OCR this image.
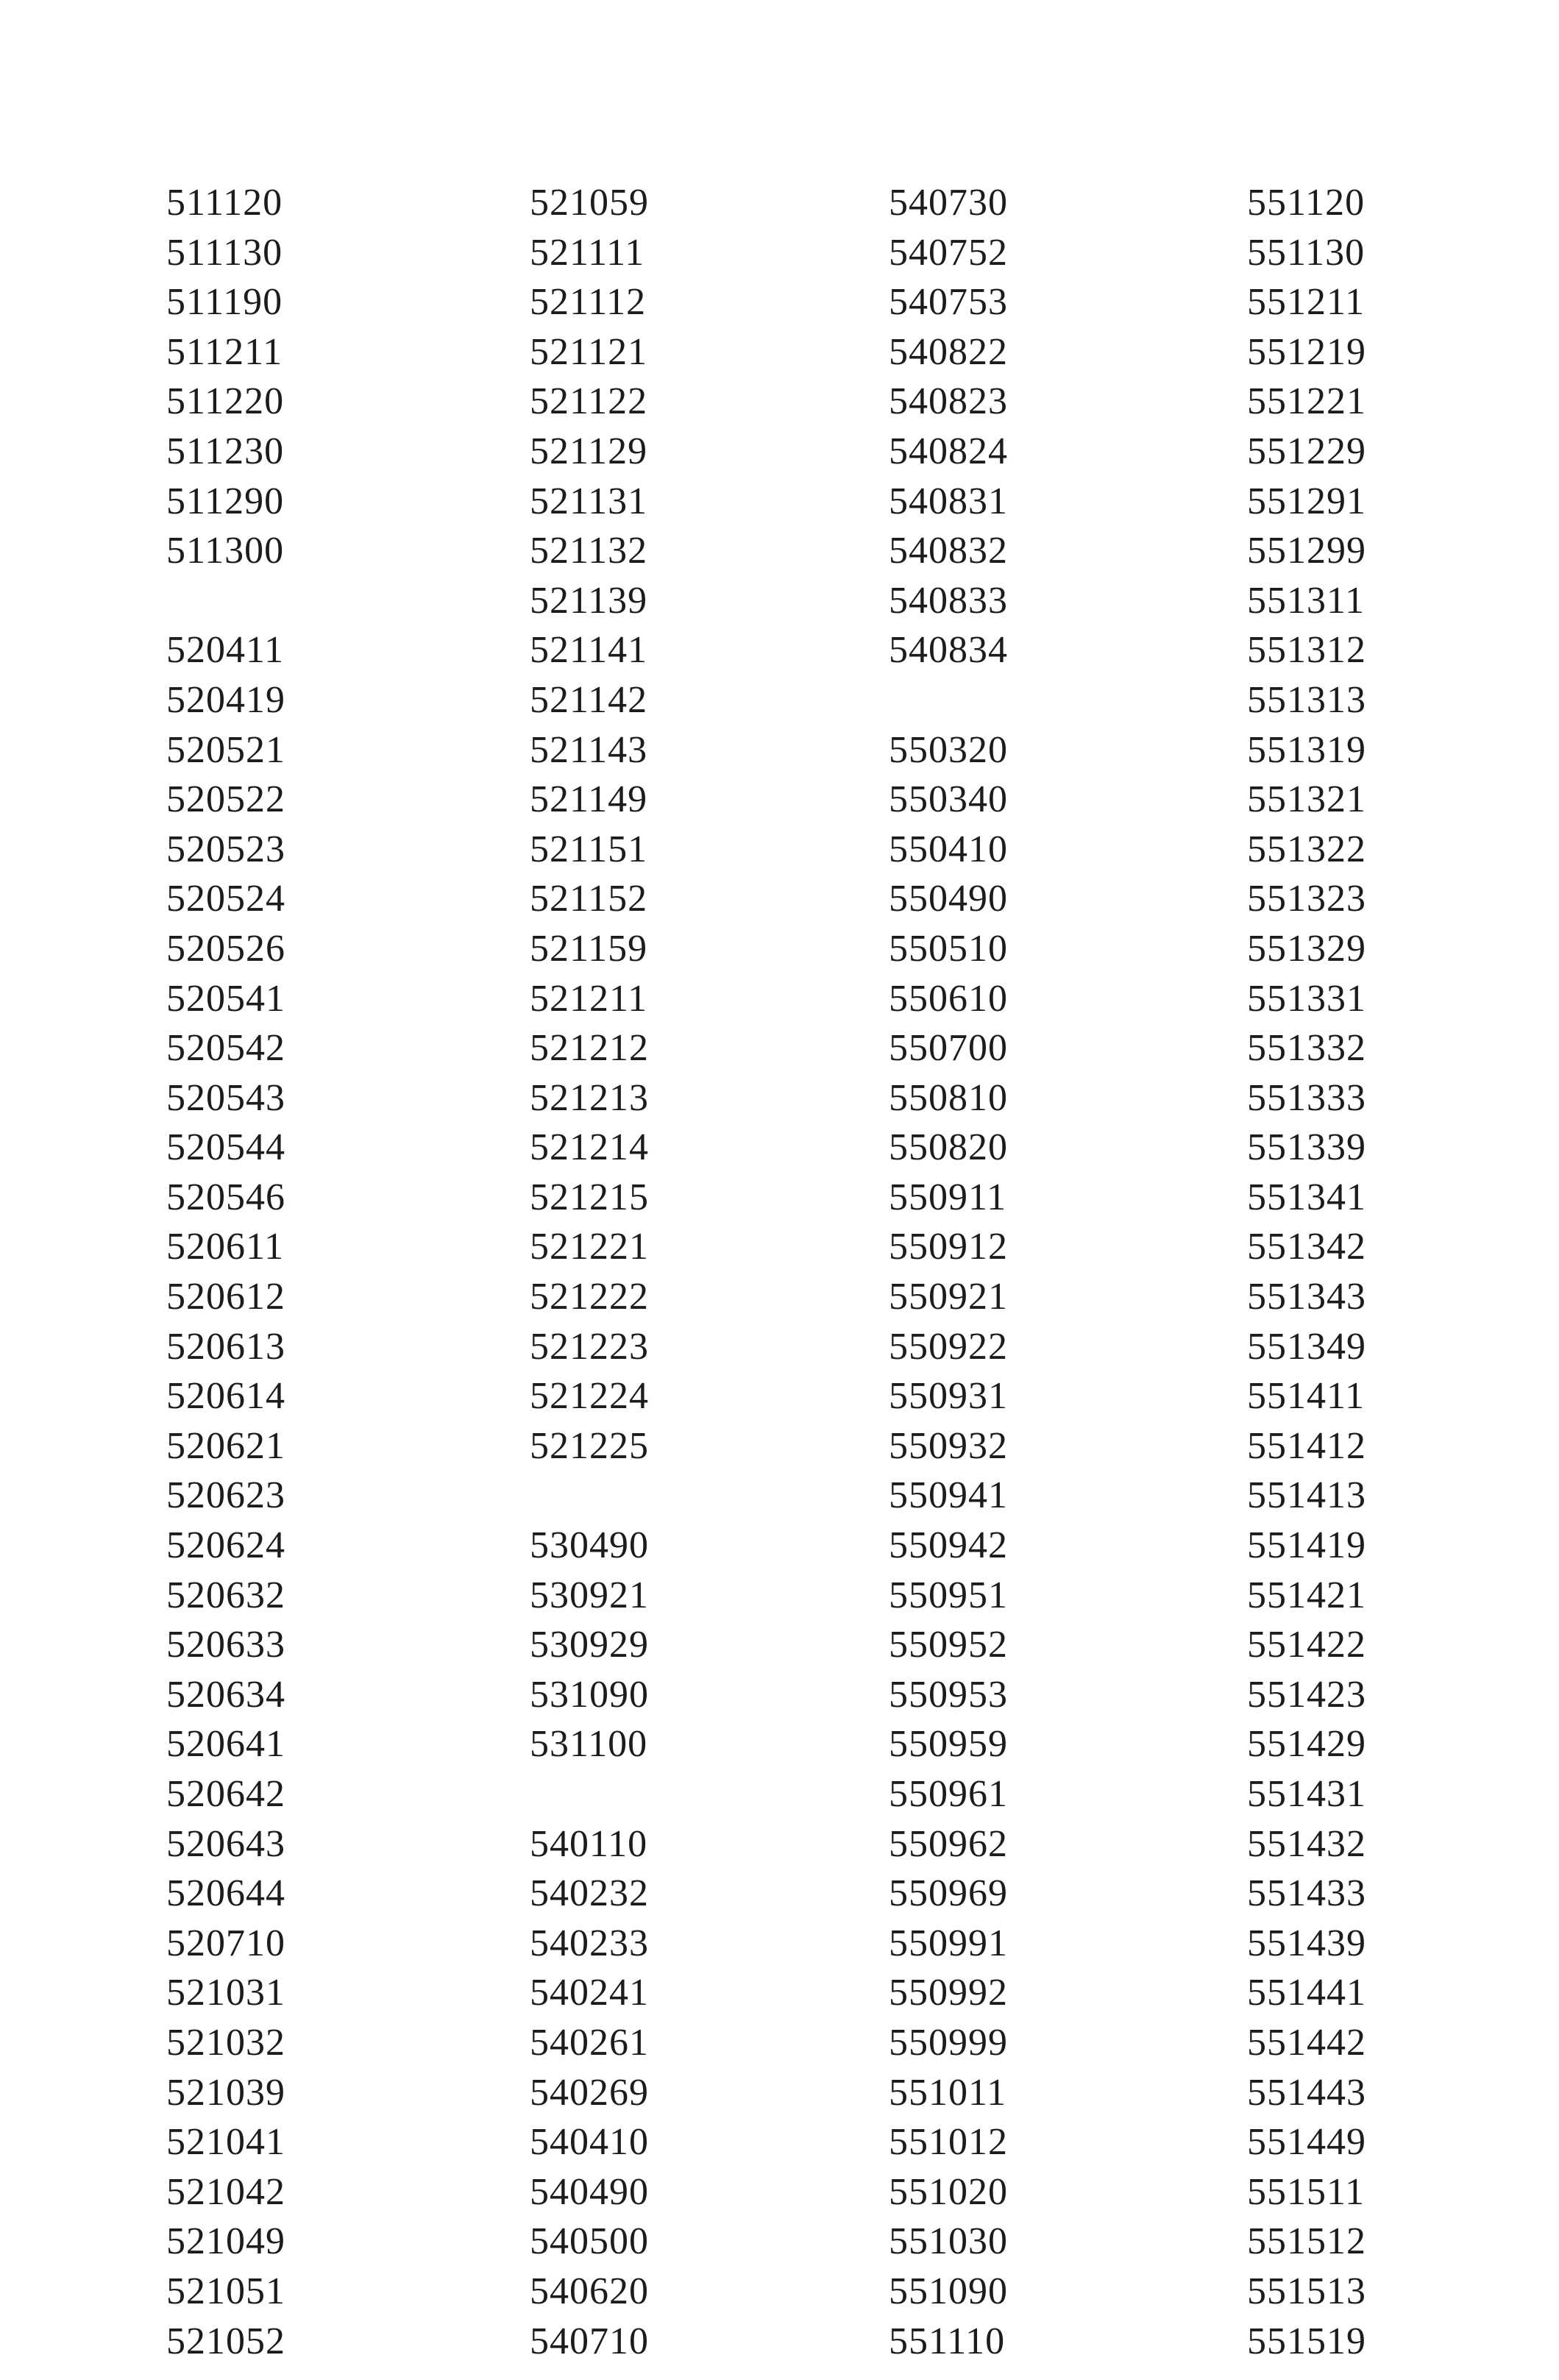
511120
511130
511190
511211
511220
511230
511290
511300
520411
520419
520521
520522
520523
520524
520526
520541
520542
520543
520544
520546
520611
520612
520613
520614
520621
520623
520624
520632
520633
520634
520641
520642
520643
520644
520710
521031
521032
521039
521041
521042
521049
521051
521052
521059
521111
521112
521121
521122
521129
521131
521132
521139
521141
521142
521143
521149
521151
521152
521159
521211
521212
521213
521214
521215
521221
521222
521223
521224
521225
530490
530921
530929
531090
531100
540110
540232
540233
540241
540261
540269
540410
540490
540500
540620
540710
540730
540752
540753
540822
540823
540824
540831
540832
540833
540834
550320
550340
550410
550490
550510
550610
550700
550810
550820
550911
550912
550921
550922
550931
550932
550941
550942
550951
550952
550953
550959
550961
550962
550969
550991
550992
550999
551011
551012
551020
551030
551090
551110
551120
551130
551211
551219
551221
551229
551291
551299
551311
551312
551313
551319
551321
551322
551323
551329
551331
551332
551333
551339
551341
551342
551343
551349
551411
551412
551413
551419
551421
551422
551423
551429
551431
551432
551433
551439
551441
551442
551443
551449
551511
551512
551513
551519
